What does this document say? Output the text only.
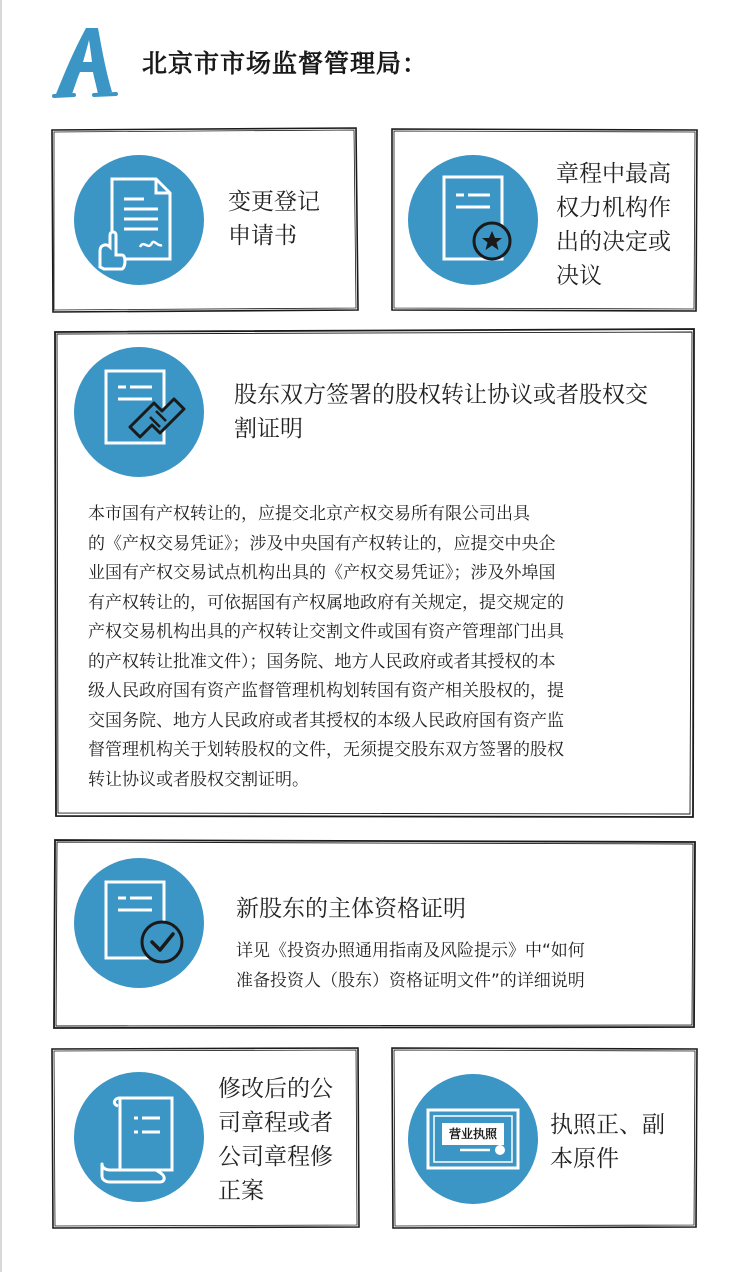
北京市市场监督管理局：
变更登记
申请书
章程中最高
权力机构作
出的决定或
决议
股东双方签署的股权转让协议或者股权交
割证明
本市国有产权转让的，应提交北京产权交易所有限公司出具
的《产权交易凭证》；涉及中央国有产权转让的，应提交中央企
业国有产权交易试点机构出具的《产权交易凭证》；涉及外埠国
有产权转让的，可依据国有产权属地政府有关规定，提交规定的
产权交易机构出具的产权转让交割文件或国有资产管理部门出具
的产权转让批准文件）；国务院、地方人民政府或者其授权的本
级人民政府国有资产监督管理机构划转国有资产相关股权的，提
交国务院、地方人民政府或者其授权的本级人民政府国有资产监
督管理机构关于划转股权的文件，无须提交股东双方签署的股权
转让协议或者股权交割证明。
新股东的主体资格证明
详见《投资办照通用指南及风险提示》中“如何
准备投资人（股东）资格证明文件”的详细说明
修改后的公
司章程或者
公司章程修
正案
营业执照	执照正、副
本原件
